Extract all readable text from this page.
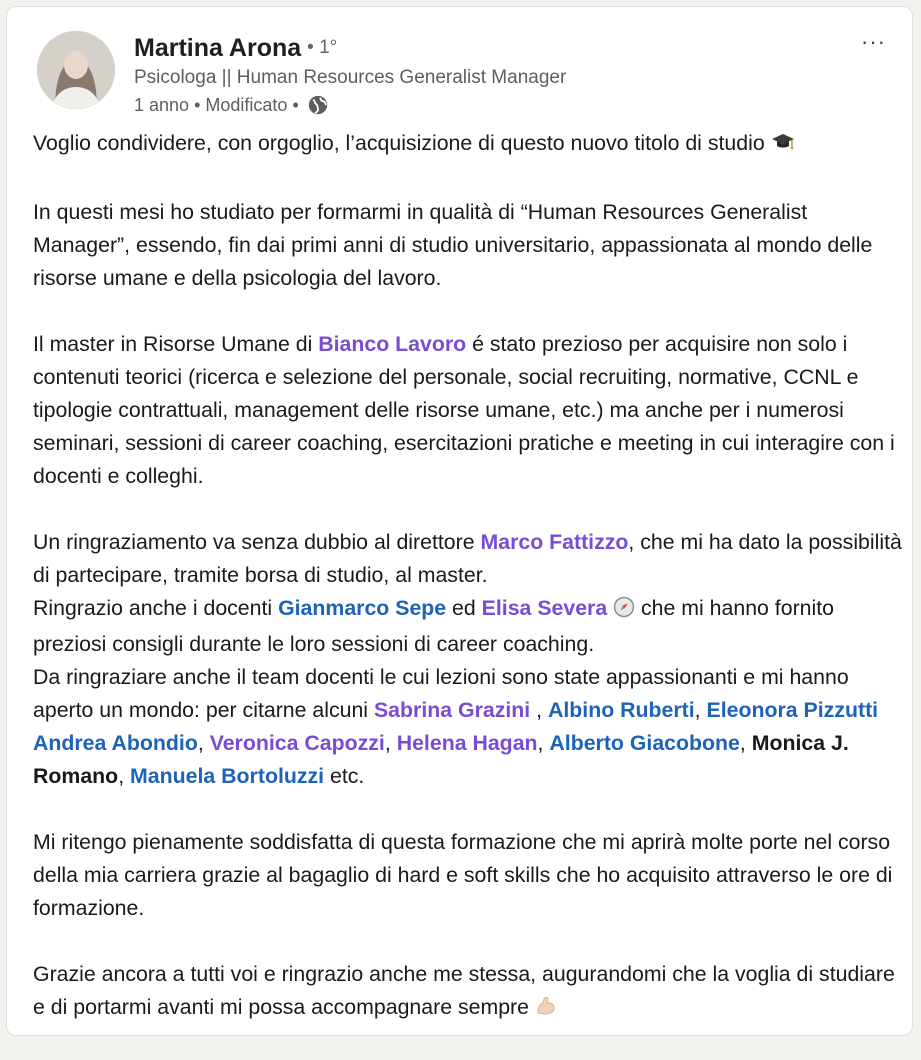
Martina Arona • 1°
Psicologa || Human Resources Generalist Manager
1 anno • Modificato •
···

Voglio condividere, con orgoglio, l’acquisizione di questo nuovo titolo di studio

In questi mesi ho studiato per formarmi in qualità di “Human Resources Generalist Manager”, essendo, fin dai primi anni di studio universitario, appassionata al mondo delle risorse umane e della psicologia del lavoro.

Il master in Risorse Umane di Bianco Lavoro é stato prezioso per acquisire non solo i contenuti teorici (ricerca e selezione del personale, social recruiting, normative, CCNL e tipologie contrattuali, management delle risorse umane, etc.) ma anche per i numerosi seminari, sessioni di career coaching, esercitazioni pratiche e meeting in cui interagire con i docenti e colleghi.

Un ringraziamento va senza dubbio al direttore Marco Fattizzo, che mi ha dato la possibilità di partecipare, tramite borsa di studio, al master.
Ringrazio anche i docenti Gianmarco Sepe ed Elisa Severa  che mi hanno fornito preziosi consigli durante le loro sessioni di career coaching.
Da ringraziare anche il team docenti le cui lezioni sono state appassionanti e mi hanno aperto un mondo: per citarne alcuni Sabrina Grazini , Albino Ruberti, Eleonora Pizzutti Andrea Abondio, Veronica Capozzi, Helena Hagan, Alberto Giacobone, Monica J. Romano, Manuela Bortoluzzi etc.

Mi ritengo pienamente soddisfatta di questa formazione che mi aprirà molte porte nel corso della mia carriera grazie al bagaglio di hard e soft skills che ho acquisito attraverso le ore di formazione.

Grazie ancora a tutti voi e ringrazio anche me stessa, augurandomi che la voglia di studiare e di portarmi avanti mi possa accompagnare sempre
